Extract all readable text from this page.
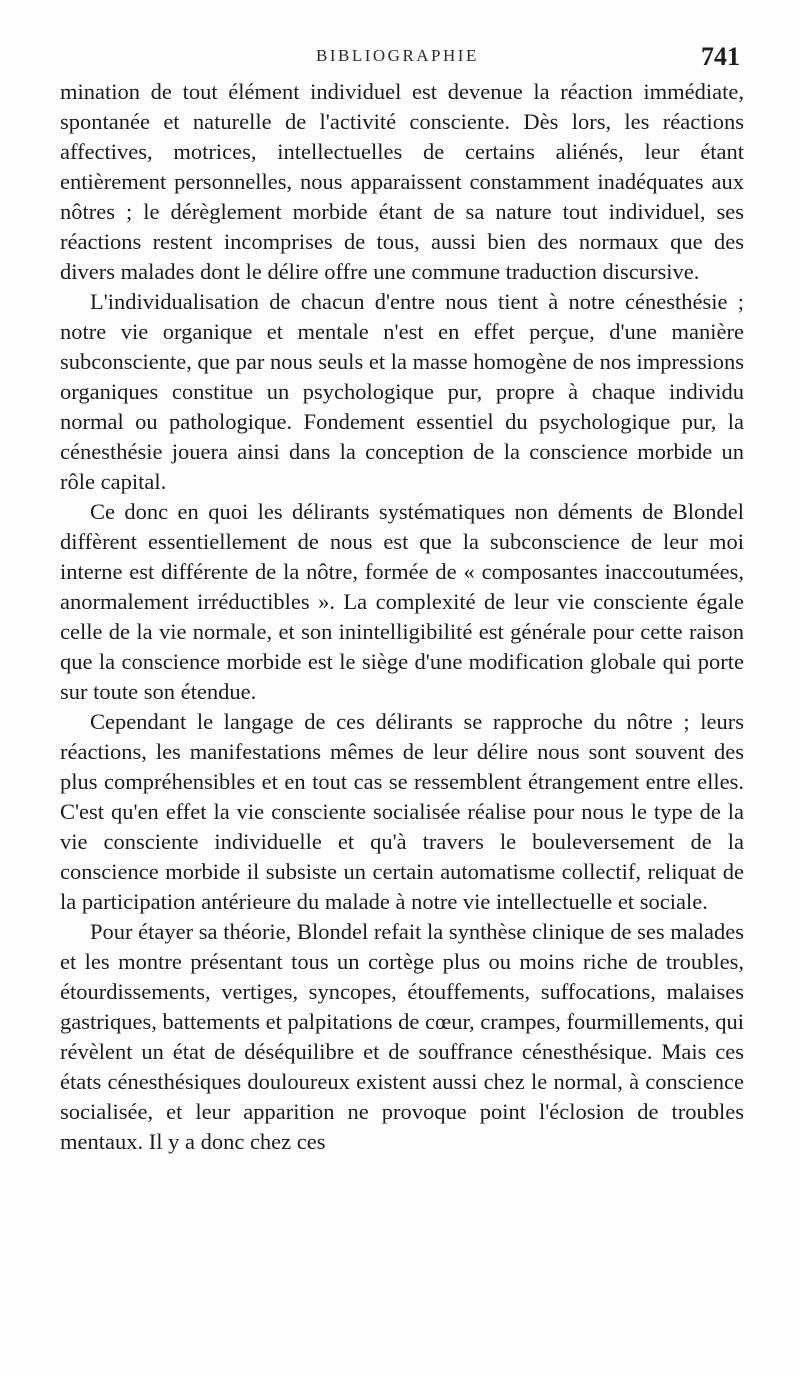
BIBLIOGRAPHIE	741

mination de tout élément individuel est devenue la réaction immédiate, spontanée et naturelle de l'activité consciente. Dès lors, les réactions affectives, motrices, intellectuelles de certains aliénés, leur étant entièrement personnelles, nous apparaissent constamment inadéquates aux nôtres ; le dérèglement morbide étant de sa nature tout individuel, ses réactions restent incomprises de tous, aussi bien des normaux que des divers malades dont le délire offre une commune traduction discursive.

L'individualisation de chacun d'entre nous tient à notre cénesthésie ; notre vie organique et mentale n'est en effet perçue, d'une manière subconsciente, que par nous seuls et la masse homogène de nos impressions organiques constitue un psychologique pur, propre à chaque individu normal ou pathologique. Fondement essentiel du psychologique pur, la cénesthésie jouera ainsi dans la conception de la conscience morbide un rôle capital.

Ce donc en quoi les délirants systématiques non déments de Blondel diffèrent essentiellement de nous est que la subconscience de leur moi interne est différente de la nôtre, formée de « composantes inaccoutumées, anormalement irréductibles ». La complexité de leur vie consciente égale celle de la vie normale, et son inintelligibilité est générale pour cette raison que la conscience morbide est le siège d'une modification globale qui porte sur toute son étendue.

Cependant le langage de ces délirants se rapproche du nôtre ; leurs réactions, les manifestations mêmes de leur délire nous sont souvent des plus compréhensibles et en tout cas se ressemblent étrangement entre elles. C'est qu'en effet la vie consciente socialisée réalise pour nous le type de la vie consciente individuelle et qu'à travers le bouleversement de la conscience morbide il subsiste un certain automatisme collectif, reliquat de la participation antérieure du malade à notre vie intellectuelle et sociale.

Pour étayer sa théorie, Blondel refait la synthèse clinique de ses malades et les montre présentant tous un cortège plus ou moins riche de troubles, étourdissements, vertiges, syncopes, étouffements, suffocations, malaises gastriques, battements et palpitations de cœur, crampes, fourmillements, qui révèlent un état de déséquilibre et de souffrance cénesthésique. Mais ces états cénesthésiques douloureux existent aussi chez le normal, à conscience socialisée, et leur apparition ne provoque point l'éclosion de troubles mentaux. Il y a donc chez ces
